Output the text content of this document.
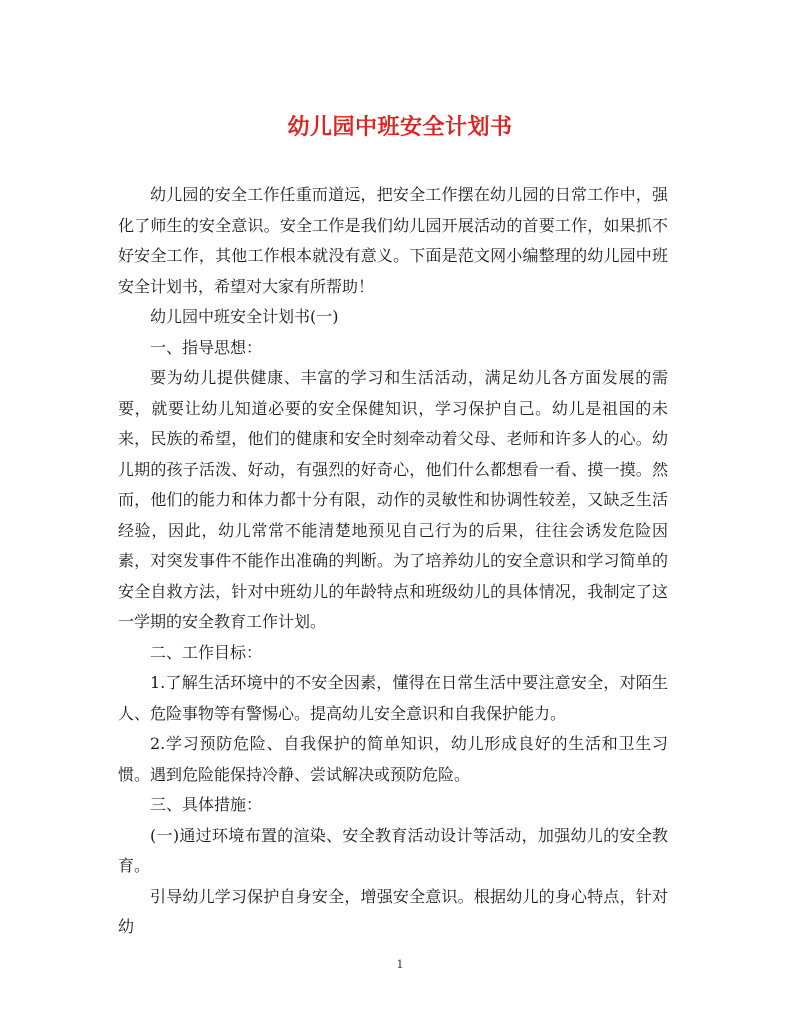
幼儿园中班安全计划书

幼儿园的安全工作任重而道远，把安全工作摆在幼儿园的日常工作中，强化了师生的安全意识。安全工作是我们幼儿园开展活动的首要工作，如果抓不好安全工作，其他工作根本就没有意义。下面是范文网小编整理的幼儿园中班安全计划书，希望对大家有所帮助！

幼儿园中班安全计划书(一)

一、指导思想：

要为幼儿提供健康、丰富的学习和生活活动，满足幼儿各方面发展的需要，就要让幼儿知道必要的安全保健知识，学习保护自己。幼儿是祖国的未来，民族的希望，他们的健康和安全时刻牵动着父母、老师和许多人的心。幼儿期的孩子活泼、好动，有强烈的好奇心，他们什么都想看一看、摸一摸。然而，他们的能力和体力都十分有限，动作的灵敏性和协调性较差，又缺乏生活经验，因此，幼儿常常不能清楚地预见自己行为的后果，往往会诱发危险因素，对突发事件不能作出准确的判断。为了培养幼儿的安全意识和学习简单的安全自救方法，针对中班幼儿的年龄特点和班级幼儿的具体情况，我制定了这一学期的安全教育工作计划。

二、工作目标：

1.了解生活环境中的不安全因素，懂得在日常生活中要注意安全，对陌生人、危险事物等有警惕心。提高幼儿安全意识和自我保护能力。

2.学习预防危险、自我保护的简单知识，幼儿形成良好的生活和卫生习惯。遇到危险能保持冷静、尝试解决或预防危险。

三、具体措施：

(一)通过环境布置的渲染、安全教育活动设计等活动，加强幼儿的安全教育。

引导幼儿学习保护自身安全，增强安全意识。根据幼儿的身心特点，针对幼

1
